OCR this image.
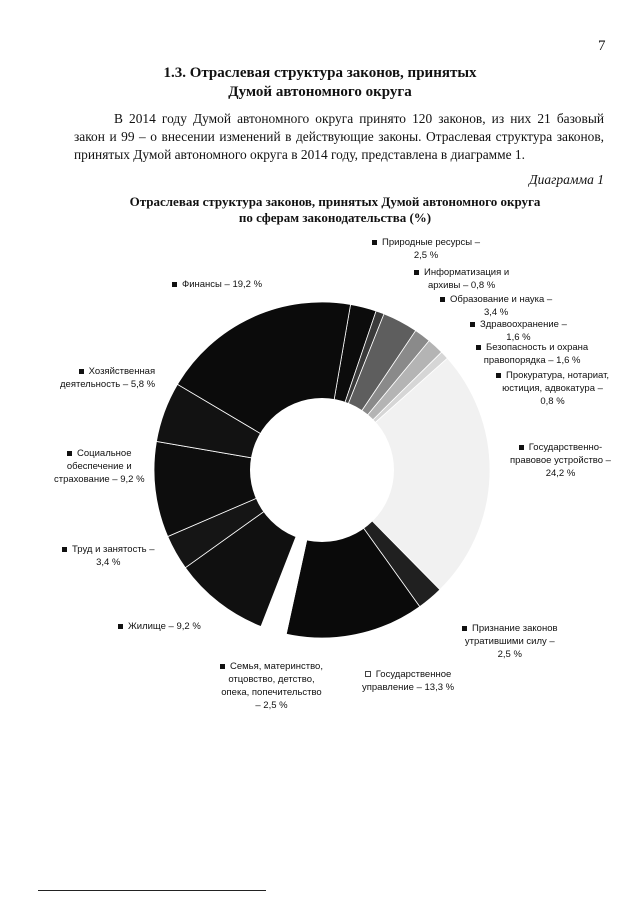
7
1.3. Отраслевая структура законов, принятых
Думой автономного округа
В 2014 году Думой автономного округа принято 120 законов, из них 21 базовый закон и 99 – о внесении изменений в действующие законы. Отраслевая структура законов, принятых Думой автономного округа в 2014 году, представлена в диаграмме 1.
Диаграмма 1
Отраслевая структура законов, принятых Думой автономного округа
по сферам законодательства (%)
Природные ресурсы –
2,5 %
Информатизация и
архивы – 0,8 %
Образование и наука –
3,4 %
Здравоохранение –
1,6 %
Безопасность и охрана
правопорядка – 1,6 %
Прокуратура, нотариат,
юстиция, адвокатура –
0,8 %
Государственно-
правовое устройство –
24,2 %
Признание законов
утратившими силу –
2,5 %
Государственное
управление – 13,3 %
Семья, материнство,
отцовство, детство,
опека, попечительство
– 2,5 %
Жилище – 9,2 %
Труд и занятость –
3,4 %
Социальное
обеспечение и
страхование – 9,2 %
Хозяйственная
деятельность – 5,8 %
Финансы – 19,2 %
